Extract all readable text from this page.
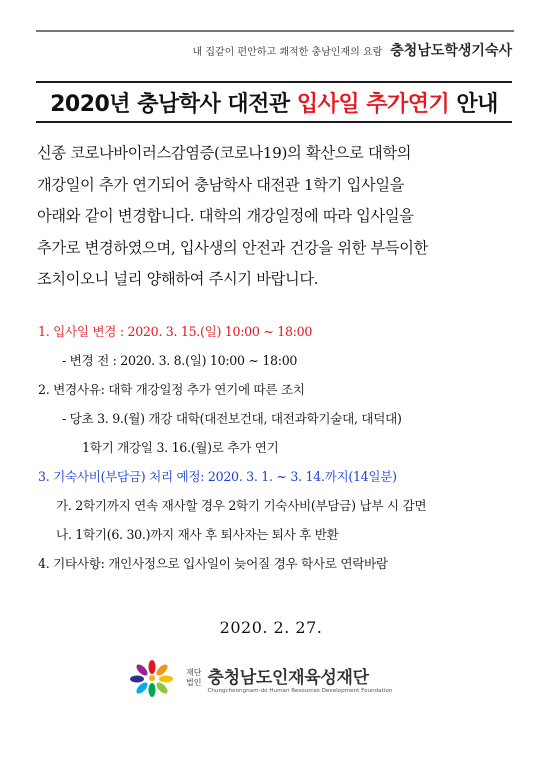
내 집같이 편안하고 쾌적한 충남인재의 요람 충청남도학생기숙사
2020년 충남학사 대전관 입사일 추가연기 안내
신종 코로나바이러스감염증(코로나19)의 확산으로 대학의
개강일이 추가 연기되어 충남학사 대전관 1학기 입사일을
아래와 같이 변경합니다. 대학의 개강일정에 따라 입사일을
추가로 변경하였으며, 입사생의 안전과 건강을 위한 부득이한
조치이오니 널리 양해하여 주시기 바랍니다.
1. 입사일 변경 : 2020. 3. 15.(일) 10:00 ~ 18:00
- 변경 전 : 2020. 3. 8.(일) 10:00 ~ 18:00
2. 변경사유: 대학 개강일정 추가 연기에 따른 조치
- 당초 3. 9.(월) 개강 대학(대전보건대, 대전과학기술대, 대덕대)
1학기 개강일 3. 16.(월)로 추가 연기
3. 기숙사비(부담금) 처리 예정: 2020. 3. 1. ~ 3. 14.까지(14일분)
가. 2학기까지 연속 재사할 경우 2학기 기숙사비(부담금) 납부 시 감면
나. 1학기(6. 30.)까지 재사 후 퇴사자는 퇴사 후 반환
4. 기타사항: 개인사정으로 입사일이 늦어질 경우 학사로 연락바람
2020. 2. 27.
재단
법인 충청남도인재육성재단
Chungcheongnam-do Human Resources Development Foundation
